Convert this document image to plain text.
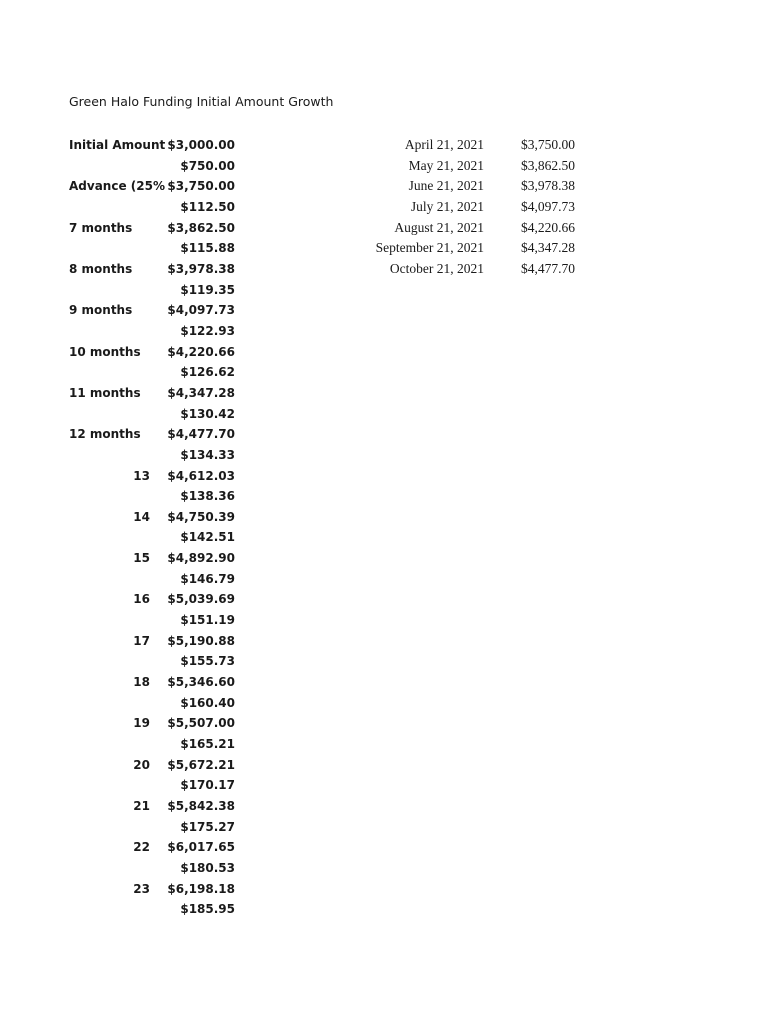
Green Halo Funding Initial Amount Growth
Initial Amount $3,000.00
$750.00
Advance (25% $3,750.00
$112.50
7 months	$3,862.50
$115.88
8 months	$3,978.38
$119.35
9 months	$4,097.73
$122.93
10 months	$4,220.66
$126.62
11 months	$4,347.28
$130.42
12 months	$4,477.70
$134.33
13 $4,612.03
$138.36
14 $4,750.39
$142.51
15 $4,892.90
$146.79
16 $5,039.69
$151.19
17 $5,190.88
$155.73
18 $5,346.60
$160.40
19 $5,507.00
$165.21
20 $5,672.21
$170.17
21 $5,842.38
$175.27
22 $6,017.65
$180.53
23 $6,198.18
$185.95
April 21, 2021	$3,750.00
May 21, 2021	$3,862.50
June 21, 2021	$3,978.38
July 21, 2021	$4,097.73
August 21, 2021	$4,220.66
September 21, 2021	$4,347.28
October 21, 2021	$4,477.70
